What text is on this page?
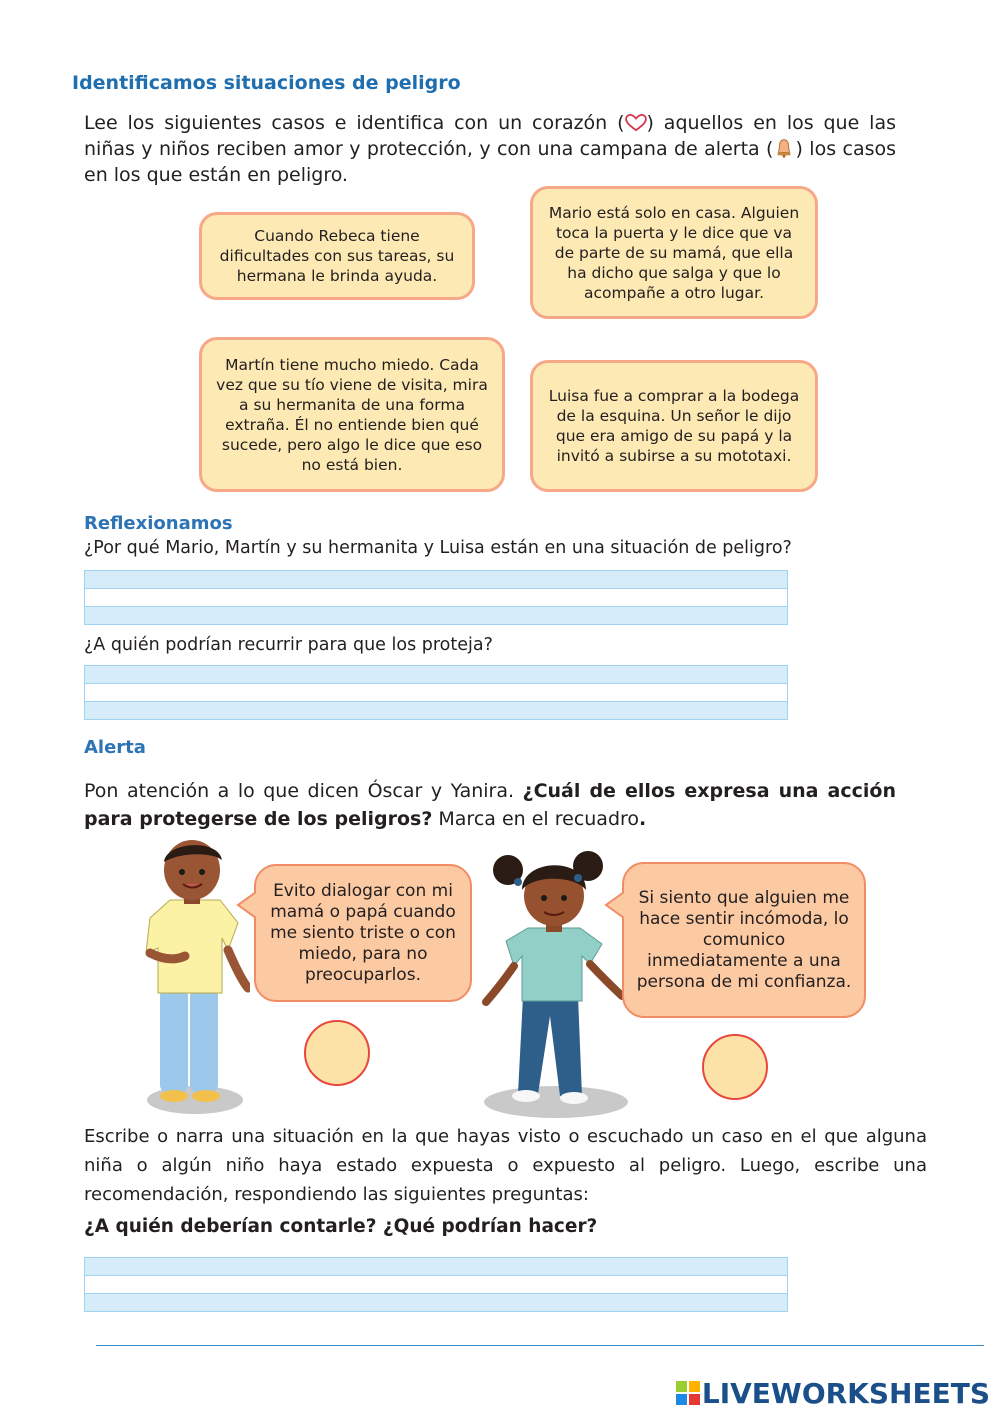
Identificamos situaciones de peligro
Lee los siguientes casos e identifica con un corazón ( ) aquellos en los que las niñas y niños reciben amor y protección, y con una campana de alerta ( ) los casos en los que están en peligro.
Cuando Rebeca tiene dificultades con sus tareas, su hermana le brinda ayuda.
Mario está solo en casa. Alguien toca la puerta y le dice que va de parte de su mamá, que ella ha dicho que salga y que lo acompañe a otro lugar.
Martín tiene mucho miedo. Cada vez que su tío viene de visita, mira a su hermanita de una forma extraña. Él no entiende bien qué sucede, pero algo le dice que eso no está bien.
Luisa fue a comprar a la bodega de la esquina. Un señor le dijo que era amigo de su papá y la invitó a subirse a su mototaxi.
Reflexionamos
¿Por qué Mario, Martín y su hermanita y Luisa están en una situación de peligro?
¿A quién podrían recurrir para que los proteja?
Alerta
Pon atención a lo que dicen Óscar y Yanira. ¿Cuál de ellos expresa una acción para protegerse de los peligros? Marca en el recuadro.
Evito dialogar con mi mamá o papá cuando me siento triste o con miedo, para no preocuparlos.
Si siento que alguien me hace sentir incómoda, lo comunico inmediatamente a una persona de mi confianza.
Escribe o narra una situación en la que hayas visto o escuchado un caso en el que alguna niña o algún niño haya estado expuesta o expuesto al peligro. Luego, escribe una recomendación, respondiendo las siguientes preguntas:
¿A quién deberían contarle? ¿Qué podrían hacer?
LIVEWORKSHEETS
